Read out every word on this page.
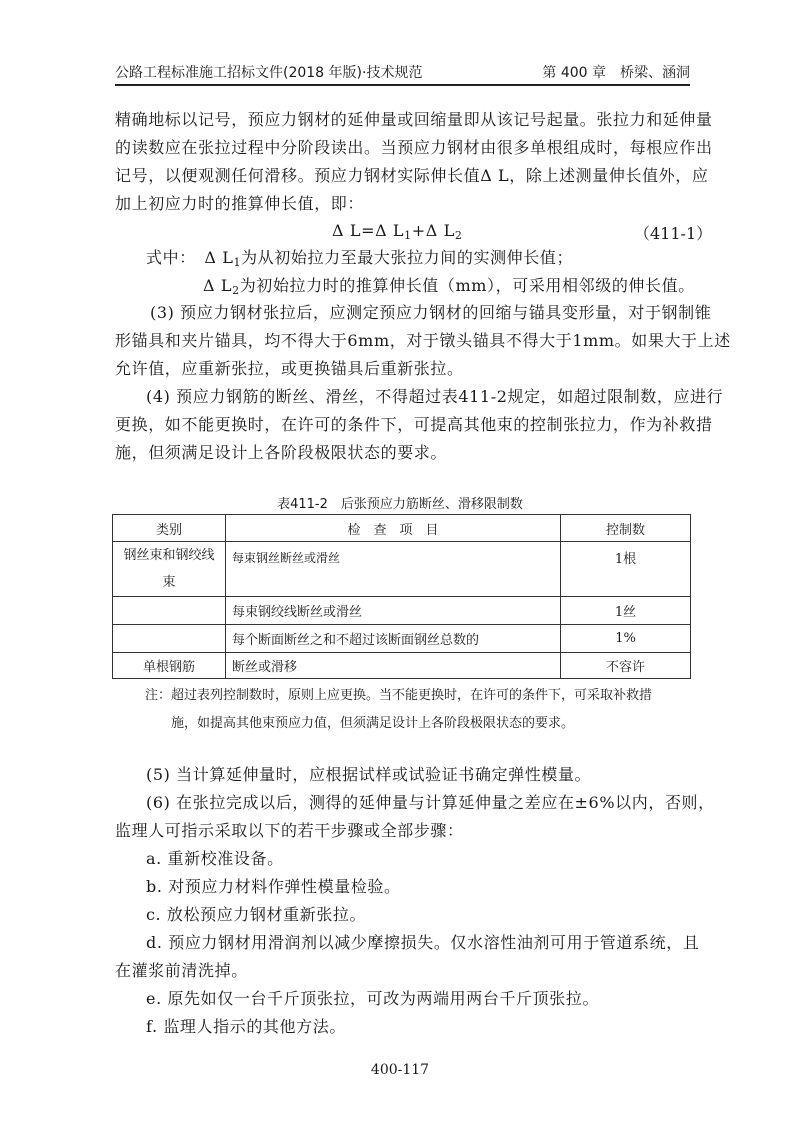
公路工程标准施工招标文件(2018 年版)·技术规范	第 400 章　桥梁、涵洞
精确地标以记号，预应力钢材的延伸量或回缩量即从该记号起量。张拉力和延伸量
的读数应在张拉过程中分阶段读出。当预应力钢材由很多单根组成时，每根应作出
记号，以便观测任何滑移。预应力钢材实际伸长值Δ L，除上述测量伸长值外，应
加上初应力时的推算伸长值，即：
Δ L=Δ $L_1+\Delta$ $L_2$	（411-1）
式中：　Δ $L_1$为从初始拉力至最大张拉力间的实测伸长值；
Δ $L_2$为初始拉力时的推算伸长值（mm），可采用相邻级的伸长值。
(3) 预应力钢材张拉后，应测定预应力钢材的回缩与锚具变形量，对于钢制锥
形锚具和夹片锚具，均不得大于6mm，对于镦头锚具不得大于1mm。如果大于上述
允许值，应重新张拉，或更换锚具后重新张拉。
(4) 预应力钢筋的断丝、滑丝，不得超过表411-2规定，如超过限制数，应进行
更换，如不能更换时，在许可的条件下，可提高其他束的控制张拉力，作为补救措
施，但须满足设计上各阶段极限状态的要求。
表411-2　后张预应力筋断丝、滑移限制数
类别	检　查　项　目	控制数
钢丝束和钢绞线
束	每束钢丝断丝或滑丝	1根
	每束钢绞线断丝或滑丝	1丝
	每个断面断丝之和不超过该断面钢丝总数的	1%
单根钢筋	断丝或滑移	不容许
注：超过表列控制数时，原则上应更换。当不能更换时，在许可的条件下，可采取补救措
施，如提高其他束预应力值，但须满足设计上各阶段极限状态的要求。
(5) 当计算延伸量时，应根据试样或试验证书确定弹性模量。
(6) 在张拉完成以后，测得的延伸量与计算延伸量之差应在±6%以内，否则，
监理人可指示采取以下的若干步骤或全部步骤：
a. 重新校准设备。
b. 对预应力材料作弹性模量检验。
c. 放松预应力钢材重新张拉。
d. 预应力钢材用滑润剂以减少摩擦损失。仅水溶性油剂可用于管道系统，且
在灌浆前清洗掉。
e. 原先如仅一台千斤顶张拉，可改为两端用两台千斤顶张拉。
f. 监理人指示的其他方法。
400-117
